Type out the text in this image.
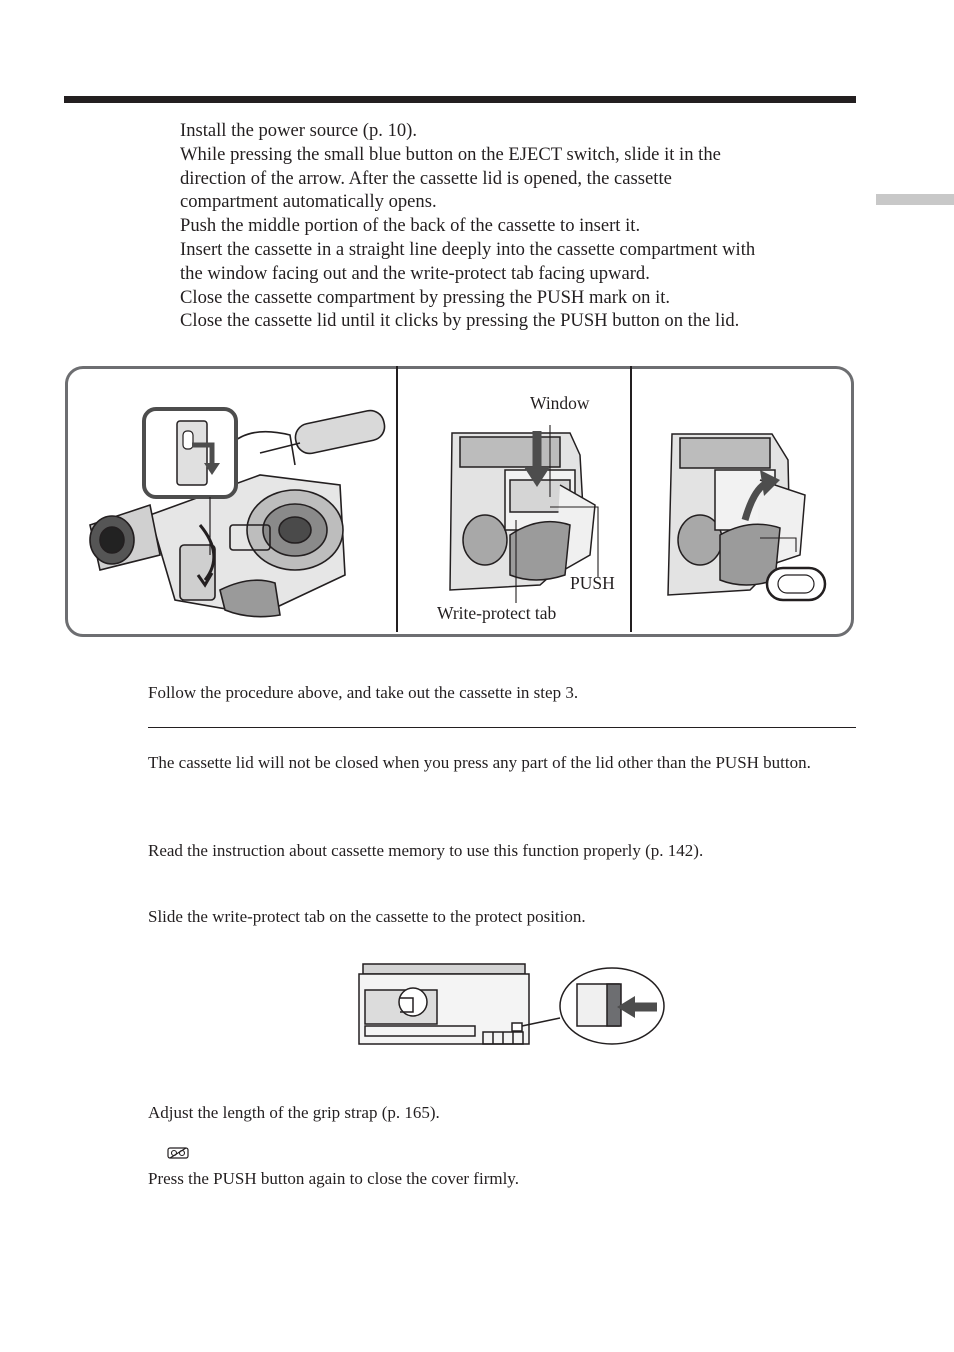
Install the power source (p. 10).
While pressing the small blue button on the EJECT switch, slide it in the
direction of the arrow. After the cassette lid is opened, the cassette
compartment automatically opens.
Push the middle portion of the back of the cassette to insert it.
Insert the cassette in a straight line deeply into the cassette compartment with
the window facing out and the write-protect tab facing upward.
Close the cassette compartment by pressing the PUSH mark on it.
Close the cassette lid until it clicks by pressing the PUSH button on the lid.
Window
PUSH
Write-protect tab
Follow the procedure above, and take out the cassette in step 3.
The cassette lid will not be closed when you press any part of the lid other than the PUSH button.
Read the instruction about cassette memory to use this function properly (p. 142).
Slide the write-protect tab on the cassette to the protect position.
Adjust the length of the grip strap (p. 165).
Press the PUSH button again to close the cover firmly.
